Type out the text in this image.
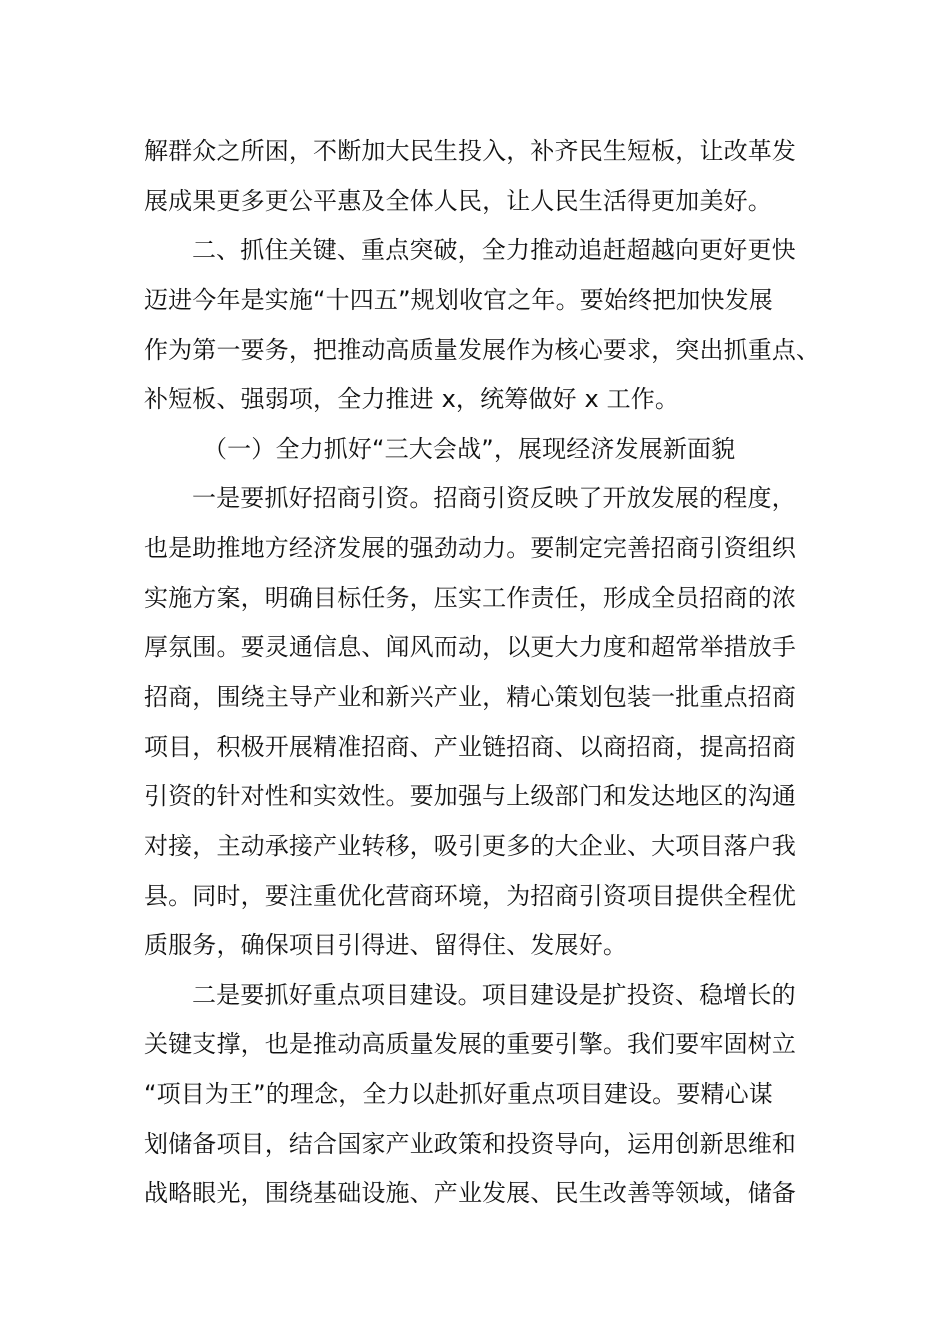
解群众之所困，不断加大民生投入，补齐民生短板，让改革发
展成果更多更公平惠及全体人民，让人民生活得更加美好。
二、抓住关键、重点突破，全力推动追赶超越向更好更快
迈进今年是实施“十四五”规划收官之年。要始终把加快发展
作为第一要务，把推动高质量发展作为核心要求，突出抓重点、
补短板、强弱项，全力推进 x，统筹做好 x 工作。
（一）全力抓好“三大会战”，展现经济发展新面貌
一是要抓好招商引资。招商引资反映了开放发展的程度，
也是助推地方经济发展的强劲动力。要制定完善招商引资组织
实施方案，明确目标任务，压实工作责任，形成全员招商的浓
厚氛围。要灵通信息、闻风而动，以更大力度和超常举措放手
招商，围绕主导产业和新兴产业，精心策划包装一批重点招商
项目，积极开展精准招商、产业链招商、以商招商，提高招商
引资的针对性和实效性。要加强与上级部门和发达地区的沟通
对接，主动承接产业转移，吸引更多的大企业、大项目落户我
县。同时，要注重优化营商环境，为招商引资项目提供全程优
质服务，确保项目引得进、留得住、发展好。
二是要抓好重点项目建设。项目建设是扩投资、稳增长的
关键支撑，也是推动高质量发展的重要引擎。我们要牢固树立
“项目为王”的理念，全力以赴抓好重点项目建设。要精心谋
划储备项目，结合国家产业政策和投资导向，运用创新思维和
战略眼光，围绕基础设施、产业发展、民生改善等领域，储备
